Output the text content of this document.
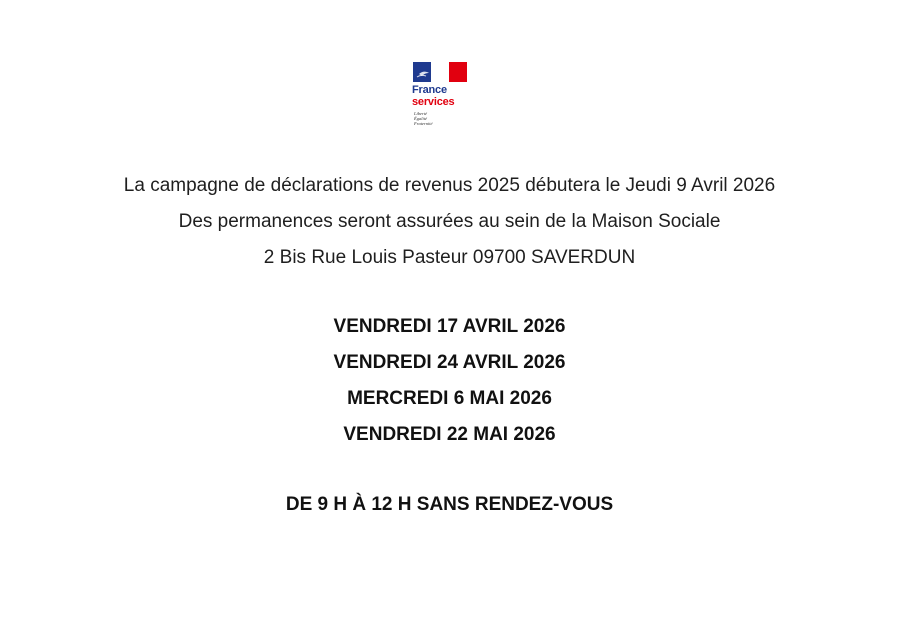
France
services
Liberté
Égalité
Fraternité
La campagne de déclarations de revenus 2025 débutera le Jeudi 9 Avril 2026
Des permanences seront assurées au sein de la Maison Sociale
2 Bis Rue Louis Pasteur 09700 SAVERDUN
VENDREDI 17 AVRIL 2026
VENDREDI 24 AVRIL 2026
MERCREDI 6 MAI 2026
VENDREDI 22 MAI 2026
DE 9 H À 12 H SANS RENDEZ-VOUS
